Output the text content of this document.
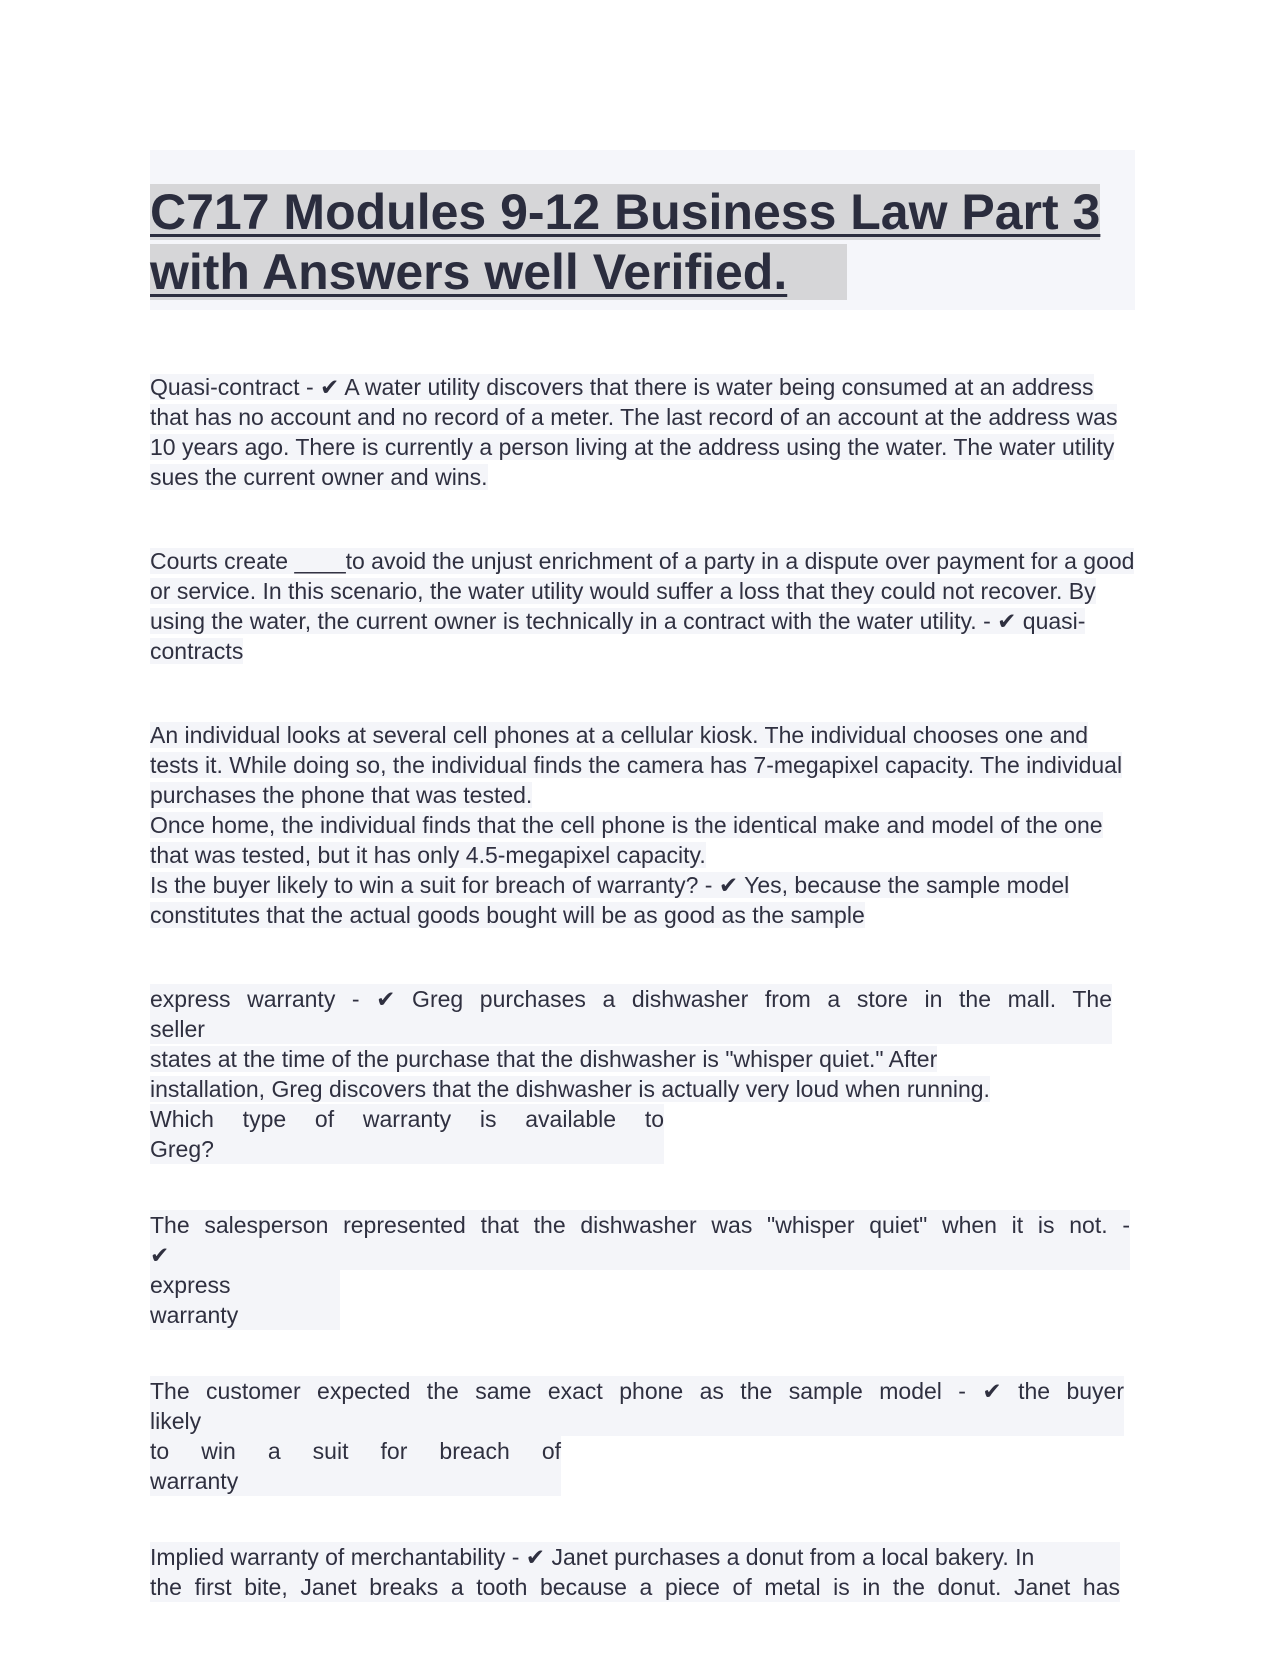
C717 Modules 9-12 Business Law Part 3
with Answers well Verified.

Quasi-contract - ✔ A water utility discovers that there is water being consumed at an address that has no account and no record of a meter. The last record of an account at the address was 10 years ago. There is currently a person living at the address using the water. The water utility sues the current owner and wins.

Courts create ____to avoid the unjust enrichment of a party in a dispute over payment for a good or service. In this scenario, the water utility would suffer a loss that they could not recover. By using the water, the current owner is technically in a contract with the water utility. - ✔ quasi-contracts

An individual looks at several cell phones at a cellular kiosk. The individual chooses one and tests it. While doing so, the individual finds the camera has 7-megapixel capacity. The individual purchases the phone that was tested.

Once home, the individual finds that the cell phone is the identical make and model of the one that was tested, but it has only 4.5-megapixel capacity.

Is the buyer likely to win a suit for breach of warranty? - ✔ Yes, because the sample model constitutes that the actual goods bought will be as good as the sample

express warranty - ✔ Greg purchases a dishwasher from a store in the mall. The
seller
states at the time of the purchase that the dishwasher is "whisper quiet." After
installation, Greg discovers that the dishwasher is actually very loud when running.
Which type of warranty is available to
Greg?
The salesperson represented that the dishwasher was "whisper quiet" when it is not. -
✔

express
warranty
The customer expected the same exact phone as the sample model - ✔ the buyer
likely

to win a suit for breach of
warranty
Implied warranty of merchantability - ✔ Janet purchases a donut from a local bakery. In
the first bite, Janet breaks a tooth because a piece of metal is in the donut. Janet has
